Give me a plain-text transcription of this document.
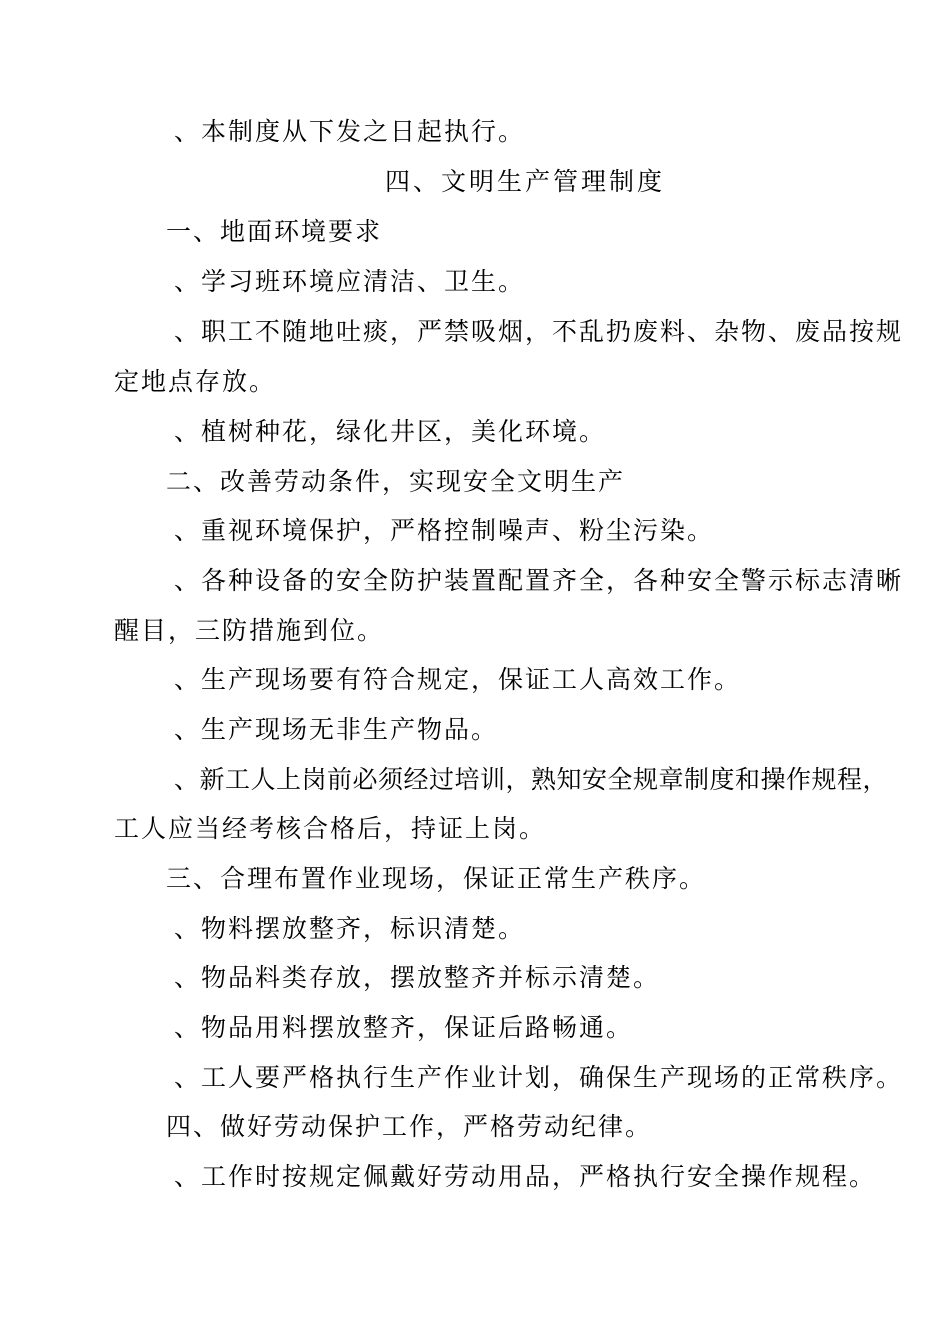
、本制度从下发之日起执行。
四、文明生产管理制度
一、地面环境要求
、学习班环境应清洁、卫生。
、职工不随地吐痰，严禁吸烟，不乱扔废料、杂物、废品按规
定地点存放。
、植树种花，绿化井区，美化环境。
二、改善劳动条件，实现安全文明生产
、重视环境保护，严格控制噪声、粉尘污染。
、各种设备的安全防护装置配置齐全，各种安全警示标志清晰
醒目，三防措施到位。
、生产现场要有符合规定，保证工人高效工作。
、生产现场无非生产物品。
、新工人上岗前必须经过培训，熟知安全规章制度和操作规程，
工人应当经考核合格后，持证上岗。
三、合理布置作业现场，保证正常生产秩序。
、物料摆放整齐，标识清楚。
、物品料类存放，摆放整齐并标示清楚。
、物品用料摆放整齐，保证后路畅通。
、工人要严格执行生产作业计划，确保生产现场的正常秩序。
四、做好劳动保护工作，严格劳动纪律。
、工作时按规定佩戴好劳动用品，严格执行安全操作规程。
